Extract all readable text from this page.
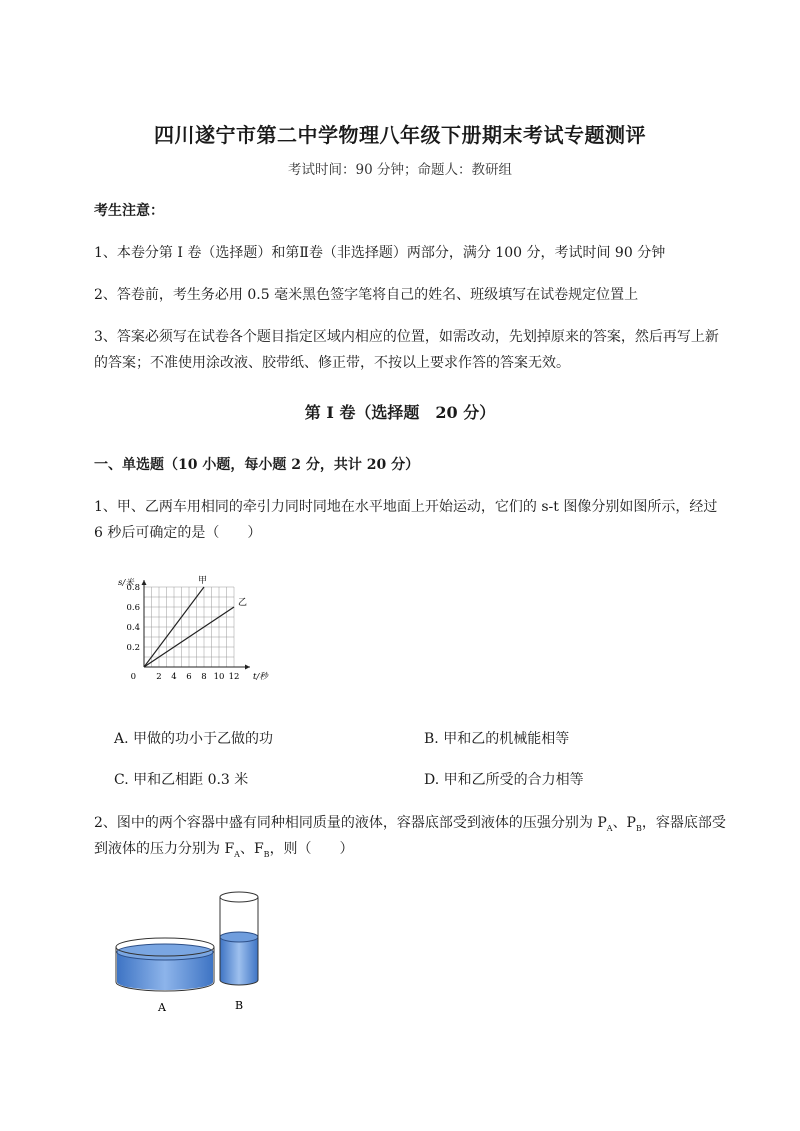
四川遂宁市第二中学物理八年级下册期末考试专题测评
考试时间：90 分钟；命题人：教研组
考生注意：
1、本卷分第 I 卷（选择题）和第Ⅱ卷（非选择题）两部分，满分 100 分，考试时间 90 分钟
2、答卷前，考生务必用 0.5 毫米黑色签字笔将自己的姓名、班级填写在试卷规定位置上
3、答案必须写在试卷各个题目指定区域内相应的位置，如需改动，先划掉原来的答案，然后再写上新
的答案；不准使用涂改液、胶带纸、修正带，不按以上要求作答的答案无效。
第 I 卷（选择题　20 分）
一、单选题（10 小题，每小题 2 分，共计 20 分）
1、甲、乙两车用相同的牵引力同时同地在水平地面上开始运动，它们的 s-t 图像分别如图所示，经过
6 秒后可确定的是（　　）
2 4 6 8 10 12
0.8
0.6
0.4
0.2
0
s/米
t/秒
甲
乙
A. 甲做的功小于乙做的功	B. 甲和乙的机械能相等
C. 甲和乙相距 0.3 米	D. 甲和乙所受的合力相等
2、图中的两个容器中盛有同种相同质量的液体，容器底部受到液体的压强分别为 $P_A$、$P_B$，容器底部受
到液体的压力分别为 $F_A$、$F_B$，则（　　）
A	B
